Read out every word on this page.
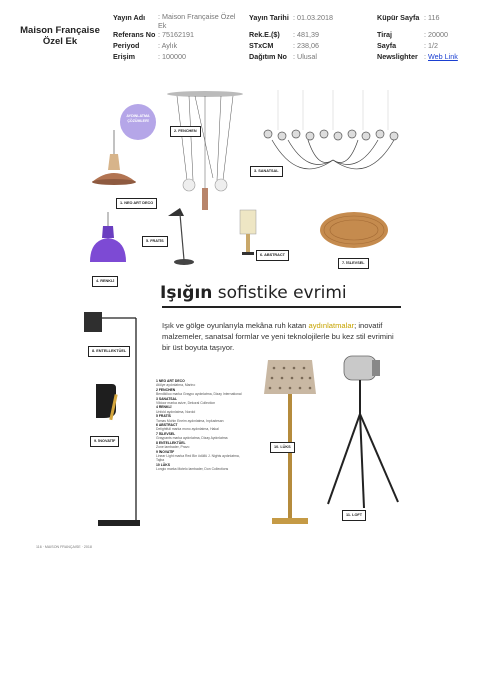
Maison Française Özel Ek
Yayın Adı : Maison Française Özel Ek
Referans No : 75162191
Periyod	: Aylık
Erişim	: 100000
Yayın Tarihi : 01.03.2018
Rek.E.($) : 481,39
STxCM	: 238,06
Dağıtım No : Ulusal
Küpür Sayfa : 116
Tiraj	: 20000
Sayfa	: 1/2
Newslighter : Web Link
AYDINLATMA ÇÖZÜMLERİ
1. NEO ART DECO
2. FENCHEN
3. SANATSAL
4. RENKLİ
5. FRATİS
6. ABSTRACT
7. İSLEVSEL
Işığın sofistike evrimi
Işık ve gölge oyunlarıyla mekâna ruh katan aydınlatmalar; inovatif malzemeler, sanatsal formlar ve yeni teknolojilerle bu kez stil evrimini bir üst boyuta taşıyor.
8. ENTELLEKTÜEL
9. İNOVATİF
1 NEO ART DECO
Atölye aydınlatma, Marino
2 FENCHEN
Bendiklioo marka Graypo aydınlatma, Dizay International
3 SANATSAL
Viktoor marka avize, Dekoral Collection
4 RENKLİ
Unfold aydınlatma, Nordol
5 FRATİS
Tomas Mohin Eneim aydınlatma, Inplustesan
6 ABSTRACT
Delightfull marka mono aydınlatma, Hakal
7 İSLEVSEL
Graypants marka aydınlatma, Dizay Aydınlatma
8 ENTELLEKTÜEL
Zone lambader, Pravo
9 İNOVATİF
Linear Light marka Red Bin ödüllü J. Nights aydınlatma, Tajba
10 LÜKS
Longio marka Motelo lambader, Don Collections
10. LÜKS
11. LOFT
116 · MAISON FRANÇAISE · 2018
